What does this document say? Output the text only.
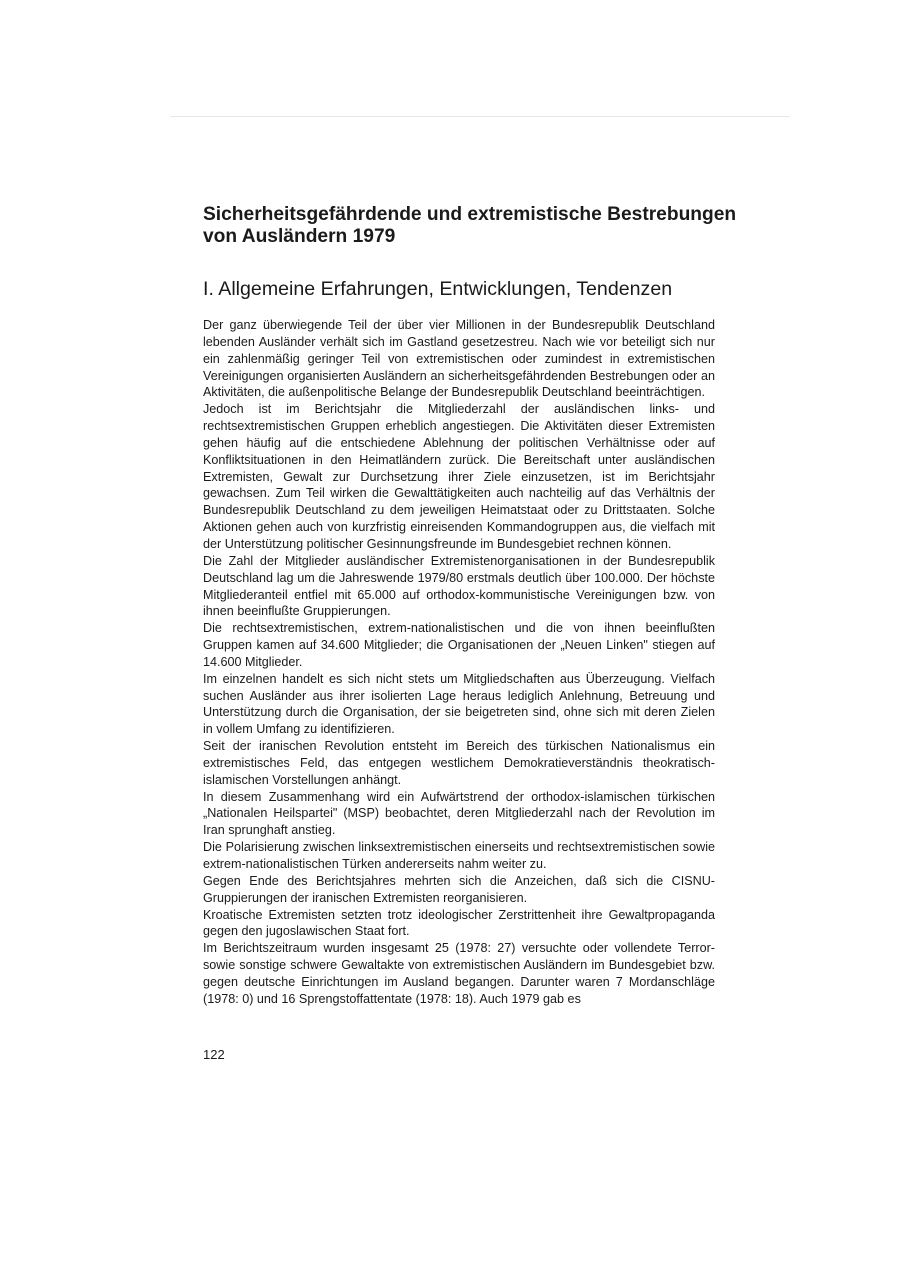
Sicherheitsgefährdende und extremistische Bestrebungen
von Ausländern 1979
I. Allgemeine Erfahrungen, Entwicklungen, Tendenzen

Der ganz überwiegende Teil der über vier Millionen in der Bundesrepublik Deutschland lebenden Ausländer verhält sich im Gastland gesetzestreu. Nach wie vor beteiligt sich nur ein zahlenmäßig geringer Teil von extremistischen oder zumindest in extremistischen Vereinigungen organisierten Ausländern an sicherheitsgefährdenden Bestrebungen oder an Aktivitäten, die außenpolitische Belange der Bundesrepublik Deutschland beeinträchtigen.

Jedoch ist im Berichtsjahr die Mitgliederzahl der ausländischen links- und rechtsextremistischen Gruppen erheblich angestiegen. Die Aktivitäten dieser Extremisten gehen häufig auf die entschiedene Ablehnung der politischen Verhältnisse oder auf Konfliktsituationen in den Heimatländern zurück. Die Bereitschaft unter ausländischen Extremisten, Gewalt zur Durchsetzung ihrer Ziele einzusetzen, ist im Berichtsjahr gewachsen. Zum Teil wirken die Gewalttätigkeiten auch nachteilig auf das Verhältnis der Bundesrepublik Deutschland zu dem jeweiligen Heimatstaat oder zu Drittstaaten. Solche Aktionen gehen auch von kurzfristig einreisenden Kommandogruppen aus, die vielfach mit der Unterstützung politischer Gesinnungsfreunde im Bundesgebiet rechnen können.

Die Zahl der Mitglieder ausländischer Extremistenorganisationen in der Bundesrepublik Deutschland lag um die Jahreswende 1979/80 erstmals deutlich über 100.000. Der höchste Mitgliederanteil entfiel mit 65.000 auf orthodox-kommunistische Vereinigungen bzw. von ihnen beeinflußte Gruppierungen.

Die rechtsextremistischen, extrem-nationalistischen und die von ihnen beeinflußten Gruppen kamen auf 34.600 Mitglieder; die Organisationen der „Neuen Linken" stiegen auf 14.600 Mitglieder.

Im einzelnen handelt es sich nicht stets um Mitgliedschaften aus Überzeugung. Vielfach suchen Ausländer aus ihrer isolierten Lage heraus lediglich Anlehnung, Betreuung und Unterstützung durch die Organisation, der sie beigetreten sind, ohne sich mit deren Zielen in vollem Umfang zu identifizieren.

Seit der iranischen Revolution entsteht im Bereich des türkischen Nationalismus ein extremistisches Feld, das entgegen westlichem Demokratieverständnis theokratisch-islamischen Vorstellungen anhängt.

In diesem Zusammenhang wird ein Aufwärtstrend der orthodox-islamischen türkischen „Nationalen Heilspartei" (MSP) beobachtet, deren Mitgliederzahl nach der Revolution im Iran sprunghaft anstieg.

Die Polarisierung zwischen linksextremistischen einerseits und rechtsextremistischen sowie extrem-nationalistischen Türken andererseits nahm weiter zu.

Gegen Ende des Berichtsjahres mehrten sich die Anzeichen, daß sich die CISNU-Gruppierungen der iranischen Extremisten reorganisieren.

Kroatische Extremisten setzten trotz ideologischer Zerstrittenheit ihre Gewaltpropaganda gegen den jugoslawischen Staat fort.

Im Berichtszeitraum wurden insgesamt 25 (1978: 27) versuchte oder vollendete Terror- sowie sonstige schwere Gewaltakte von extremistischen Ausländern im Bundesgebiet bzw. gegen deutsche Einrichtungen im Ausland begangen. Darunter waren 7 Mordanschläge (1978: 0) und 16 Sprengstoffattentate (1978: 18). Auch 1979 gab es

122
